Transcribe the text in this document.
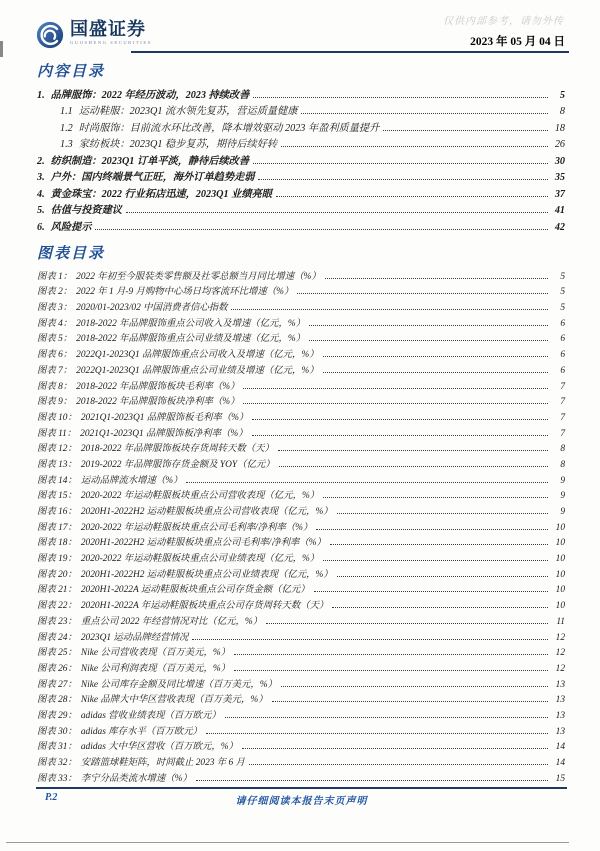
仅供内部参考，请勿外传
国盛证券
GUOSHENG SECURITIES	2023 年 05 月 04 日
内容目录
1. 品牌服饰：2022 年经历波动，2023 持续改善	5
1.1 运动鞋服：2023Q1 流水领先复苏，营运质量健康	8
1.2 时尚服饰：目前流水环比改善，降本增效驱动 2023 年盈利质量提升	18
1.3 家纺板块：2023Q1 稳步复苏，期待后续好转	26
2. 纺织制造：2023Q1 订单平淡，静待后续改善	30
3. 户外：国内终端景气正旺，海外订单趋势走弱	35
4. 黄金珠宝：2022 行业拓店迅速，2023Q1 业绩亮眼	37
5. 估值与投资建议	41
6. 风险提示	42
图表目录
图表 1： 2022 年初至今服装类零售额及社零总额当月同比增速（%）	5
图表 2： 2022 年 1 月-9 月购物中心场日均客流环比增速（%）	5
图表 3： 2020/01-2023/02 中国消费者信心指数	5
图表 4： 2018-2022 年品牌服饰重点公司收入及增速（亿元，%）	6
图表 5： 2018-2022 年品牌服饰重点公司业绩及增速（亿元，%）	6
图表 6： 2022Q1-2023Q1 品牌服饰重点公司收入及增速（亿元，%）	6
图表 7： 2022Q1-2023Q1 品牌服饰重点公司业绩及增速（亿元，%）	6
图表 8： 2018-2022 年品牌服饰板块毛利率（%）	7
图表 9： 2018-2022 年品牌服饰板块净利率（%）	7
图表 10： 2021Q1-2023Q1 品牌服饰板毛利率（%）	7
图表 11： 2021Q1-2023Q1 品牌服饰板净利率（%）	7
图表 12： 2018-2022 年品牌服饰板块存货周转天数（天）	8
图表 13： 2019-2022 年品牌服饰存货金额及 YOY（亿元）	8
图表 14： 运动品牌流水增速（%）	9
图表 15： 2020-2022 年运动鞋服板块重点公司营收表现（亿元，%）	9
图表 16： 2020H1-2022H2 运动鞋服板块重点公司营收表现（亿元，%）	9
图表 17： 2020-2022 年运动鞋服板块重点公司毛利率/净利率（%）	10
图表 18： 2020H1-2022H2 运动鞋服板块重点公司毛利率/净利率（%）	10
图表 19： 2020-2022 年运动鞋服板块重点公司业绩表现（亿元，%）	10
图表 20： 2020H1-2022H2 运动鞋服板块重点公司业绩表现（亿元，%）	10
图表 21： 2020H1-2022A 运动鞋服板块重点公司存货金额（亿元）	10
图表 22： 2020H1-2022A 年运动鞋服板块重点公司存货周转天数（天）	10
图表 23： 重点公司 2022 年经营情况对比（亿元，%）	11
图表 24： 2023Q1 运动品牌经营情况	12
图表 25： Nike 公司营收表现（百万美元，%）	12
图表 26： Nike 公司利润表现（百万美元，%）	12
图表 27： Nike 公司库存金额及同比增速（百万美元，%）	13
图表 28： Nike 品牌大中华区营收表现（百万美元，%）	13
图表 29： adidas 营收业绩表现（百万欧元）	13
图表 30： adidas 库存水平（百万欧元）	13
图表 31： adidas 大中华区营收（百万欧元，%）	14
图表 32： 安踏篮球鞋矩阵，时间截止 2023 年 6 月	14
图表 33： 李宁分品类流水增速（%）	15
P.2	请仔细阅读本报告末页声明
